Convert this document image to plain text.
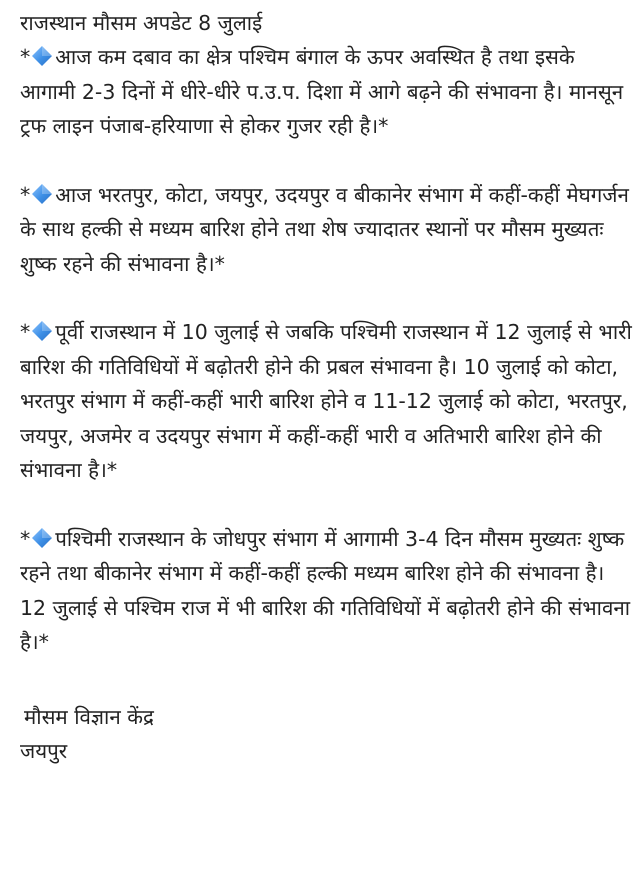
राजस्थान मौसम अपडेट 8 जुलाई

* आज कम दबाव का क्षेत्र पश्चिम बंगाल के ऊपर अवस्थित है तथा इसके आगामी 2-3 दिनों में धीरे-धीरे प.उ.प. दिशा में आगे बढ़ने की संभावना है। मानसून ट्रफ लाइन पंजाब-हरियाणा से होकर गुजर रही है।*

* आज भरतपुर, कोटा, जयपुर, उदयपुर व बीकानेर संभाग में कहीं-कहीं मेघगर्जन के साथ हल्की से मध्यम बारिश होने तथा शेष ज्यादातर स्थानों पर मौसम मुख्यतः शुष्क रहने की संभावना है।*

* पूर्वी राजस्थान में 10 जुलाई से जबकि पश्चिमी राजस्थान में 12 जुलाई से भारी बारिश की गतिविधियों में बढ़ोतरी होने की प्रबल संभावना है। 10 जुलाई को कोटा, भरतपुर संभाग में कहीं-कहीं भारी बारिश होने व 11-12 जुलाई को कोटा, भरतपुर, जयपुर, अजमेर व उदयपुर संभाग में कहीं-कहीं भारी व अतिभारी बारिश होने की संभावना है।*

* पश्चिमी राजस्थान के जोधपुर संभाग में आगामी 3-4 दिन मौसम मुख्यतः शुष्क रहने तथा बीकानेर संभाग में कहीं-कहीं हल्की मध्यम बारिश होने की संभावना है। 12 जुलाई से पश्चिम राज में भी बारिश की गतिविधियों में बढ़ोतरी होने की संभावना है।*

मौसम विज्ञान केंद्र
जयपुर
